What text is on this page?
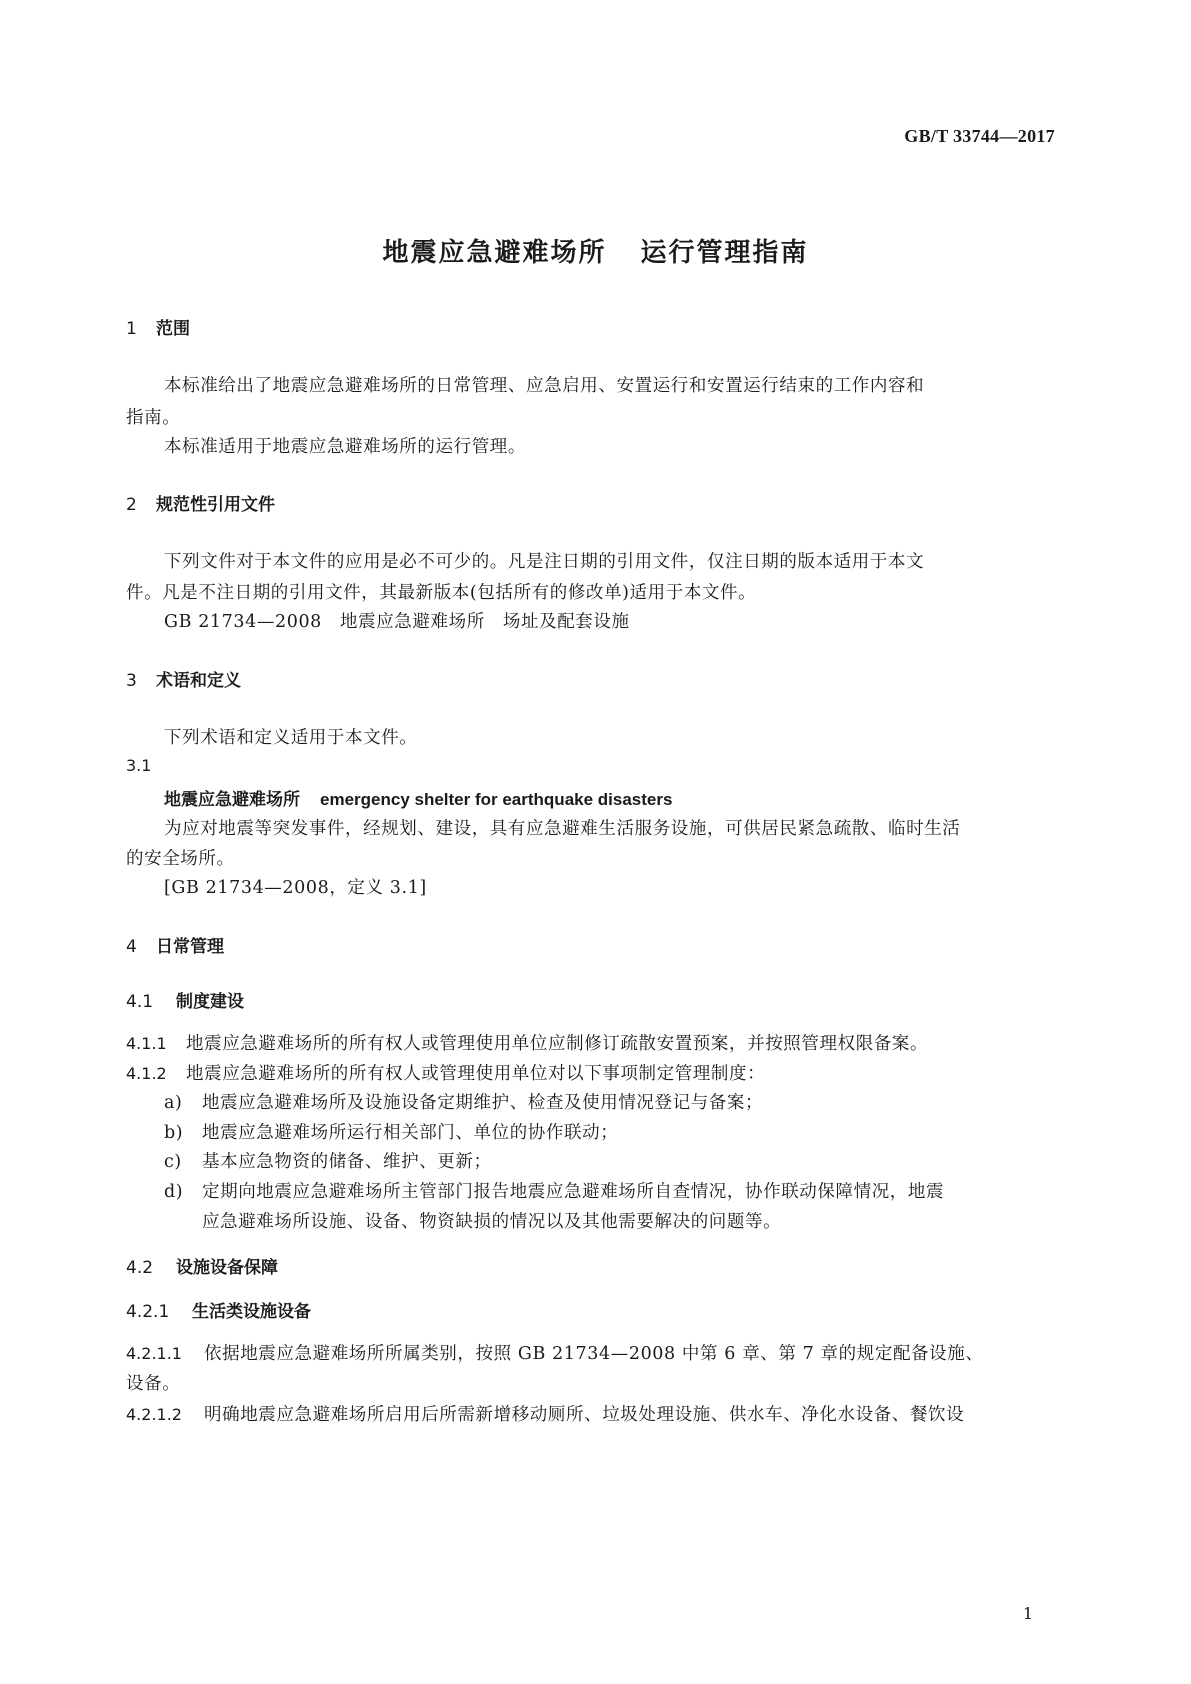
GB/T 33744—2017
地震应急避难场所 运行管理指南
1 范围
本标准给出了地震应急避难场所的日常管理、应急启用、安置运行和安置运行结束的工作内容和
指南。
本标准适用于地震应急避难场所的运行管理。
2 规范性引用文件
下列文件对于本文件的应用是必不可少的。凡是注日期的引用文件，仅注日期的版本适用于本文
件。凡是不注日期的引用文件，其最新版本(包括所有的修改单)适用于本文件。
GB 21734—2008　地震应急避难场所　场址及配套设施
3 术语和定义
下列术语和定义适用于本文件。
3.1
地震应急避难场所 emergency shelter for earthquake disasters
为应对地震等突发事件，经规划、建设，具有应急避难生活服务设施，可供居民紧急疏散、临时生活
的安全场所。
[GB 21734—2008，定义 3.1]
4 日常管理
4.1 制度建设
4.1.1 地震应急避难场所的所有权人或管理使用单位应制修订疏散安置预案，并按照管理权限备案。
4.1.2 地震应急避难场所的所有权人或管理使用单位对以下事项制定管理制度：
a) 地震应急避难场所及设施设备定期维护、检查及使用情况登记与备案；
b) 地震应急避难场所运行相关部门、单位的协作联动；
c) 基本应急物资的储备、维护、更新；
d) 定期向地震应急避难场所主管部门报告地震应急避难场所自查情况，协作联动保障情况，地震
应急避难场所设施、设备、物资缺损的情况以及其他需要解决的问题等。
4.2 设施设备保障
4.2.1 生活类设施设备
4.2.1.1 依据地震应急避难场所所属类别，按照 GB 21734—2008 中第 6 章、第 7 章的规定配备设施、
设备。
4.2.1.2 明确地震应急避难场所启用后所需新增移动厕所、垃圾处理设施、供水车、净化水设备、餐饮设
1
